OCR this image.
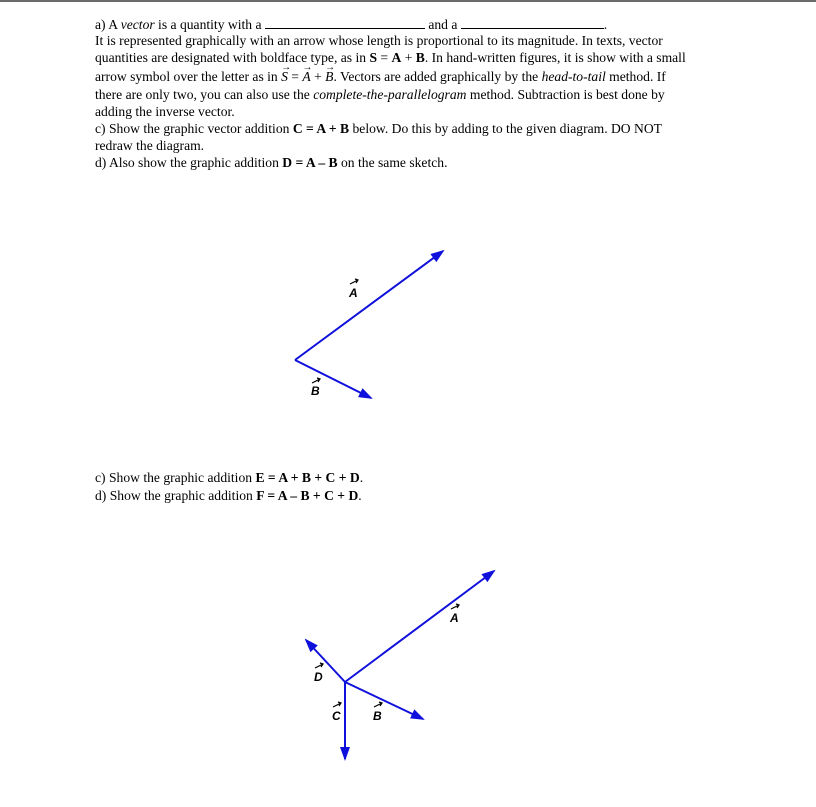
a) A vector is a quantity with a	and a	.
It is represented graphically with an arrow whose length is proportional to its magnitude. In texts, vector
quantities are designated with boldface type, as in S = A + B. In hand-written figures, it is show with a small
arrow symbol over the letter as in → S = → A + → B. Vectors are added graphically by the head-to-tail method. If
there are only two, you can also use the complete-the-parallelogram method. Subtraction is best done by
adding the inverse vector.
c) Show the graphic vector addition C = A + B below. Do this by adding to the given diagram. DO NOT
redraw the diagram.
d) Also show the graphic addition D = A – B on the same sketch.
c) Show the graphic addition E = A + B + C + D.
d) Show the graphic addition F = A – B + C + D.
A
B
A
D
C	B
